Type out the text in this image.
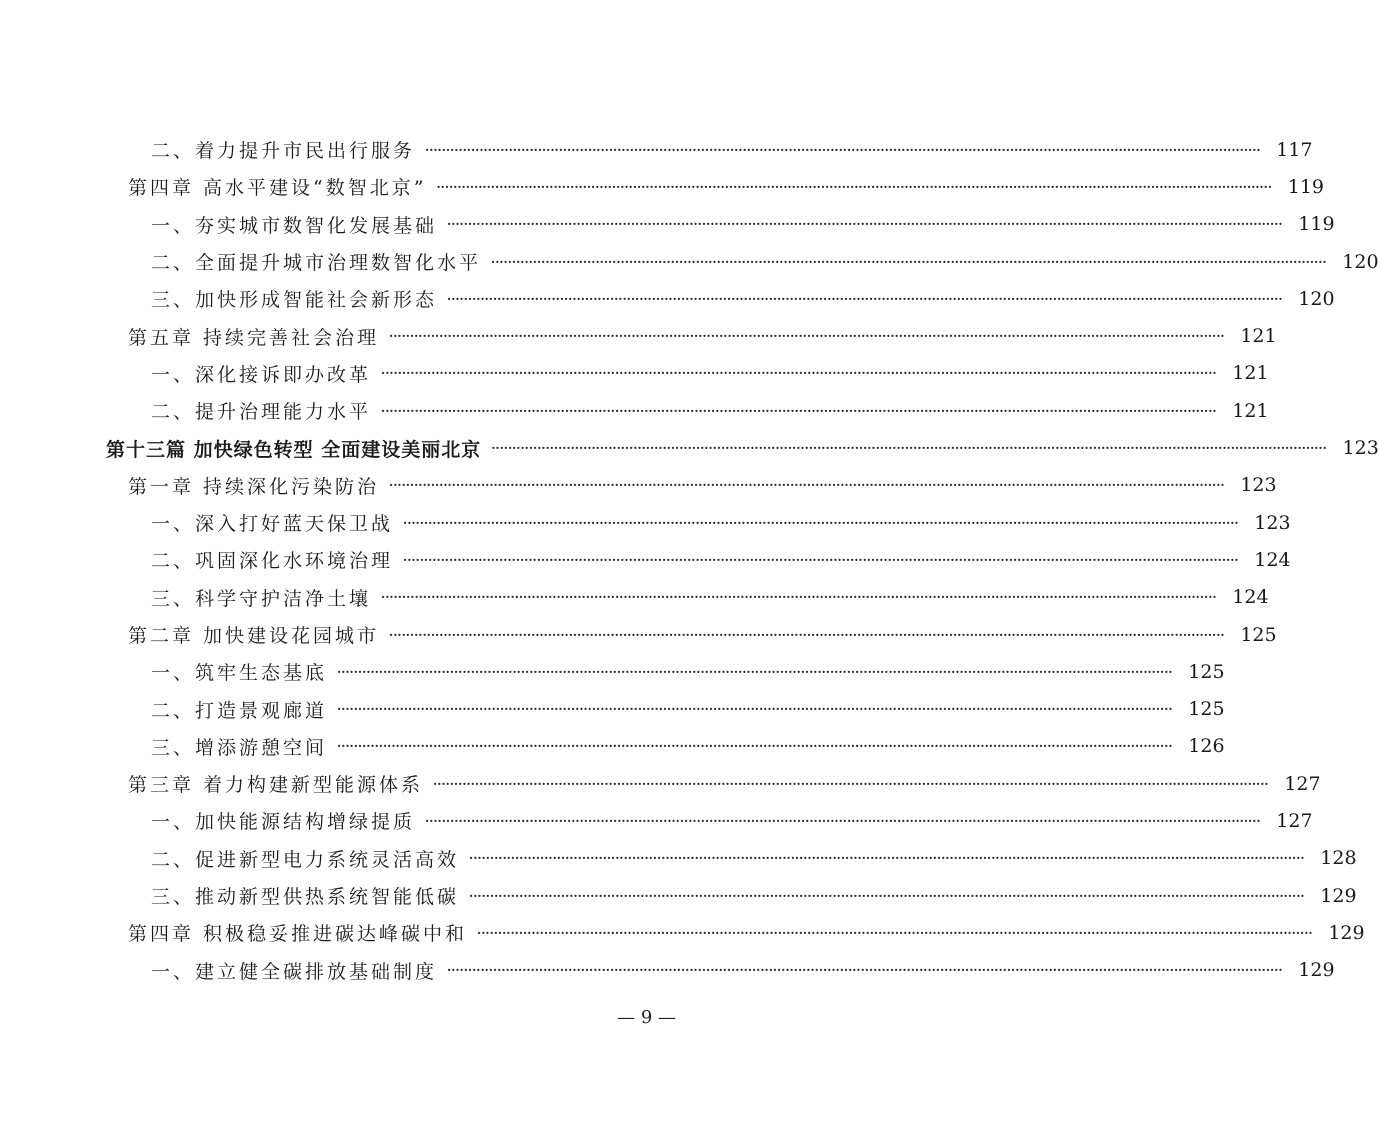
二、着力提升市民出行服务 ········································································································································································································ 117
第四章 高水平建设“数智北京” ········································································································································································································ 119
一、夯实城市数智化发展基础 ········································································································································································································ 119
二、全面提升城市治理数智化水平 ········································································································································································································ 120
三、加快形成智能社会新形态 ········································································································································································································ 120
第五章 持续完善社会治理 ········································································································································································································ 121
一、深化接诉即办改革 ········································································································································································································ 121
二、提升治理能力水平 ········································································································································································································ 121
第十三篇 加快绿色转型 全面建设美丽北京 ········································································································································································································ 123
第一章 持续深化污染防治 ········································································································································································································ 123
一、深入打好蓝天保卫战 ········································································································································································································ 123
二、巩固深化水环境治理 ········································································································································································································ 124
三、科学守护洁净土壤 ········································································································································································································ 124
第二章 加快建设花园城市 ········································································································································································································ 125
一、筑牢生态基底 ········································································································································································································ 125
二、打造景观廊道 ········································································································································································································ 125
三、增添游憩空间 ········································································································································································································ 126
第三章 着力构建新型能源体系 ········································································································································································································ 127
一、加快能源结构增绿提质 ········································································································································································································ 127
二、促进新型电力系统灵活高效 ········································································································································································································ 128
三、推动新型供热系统智能低碳 ········································································································································································································ 129
第四章 积极稳妥推进碳达峰碳中和 ········································································································································································································ 129
一、建立健全碳排放基础制度 ········································································································································································································ 129
— 9 —
